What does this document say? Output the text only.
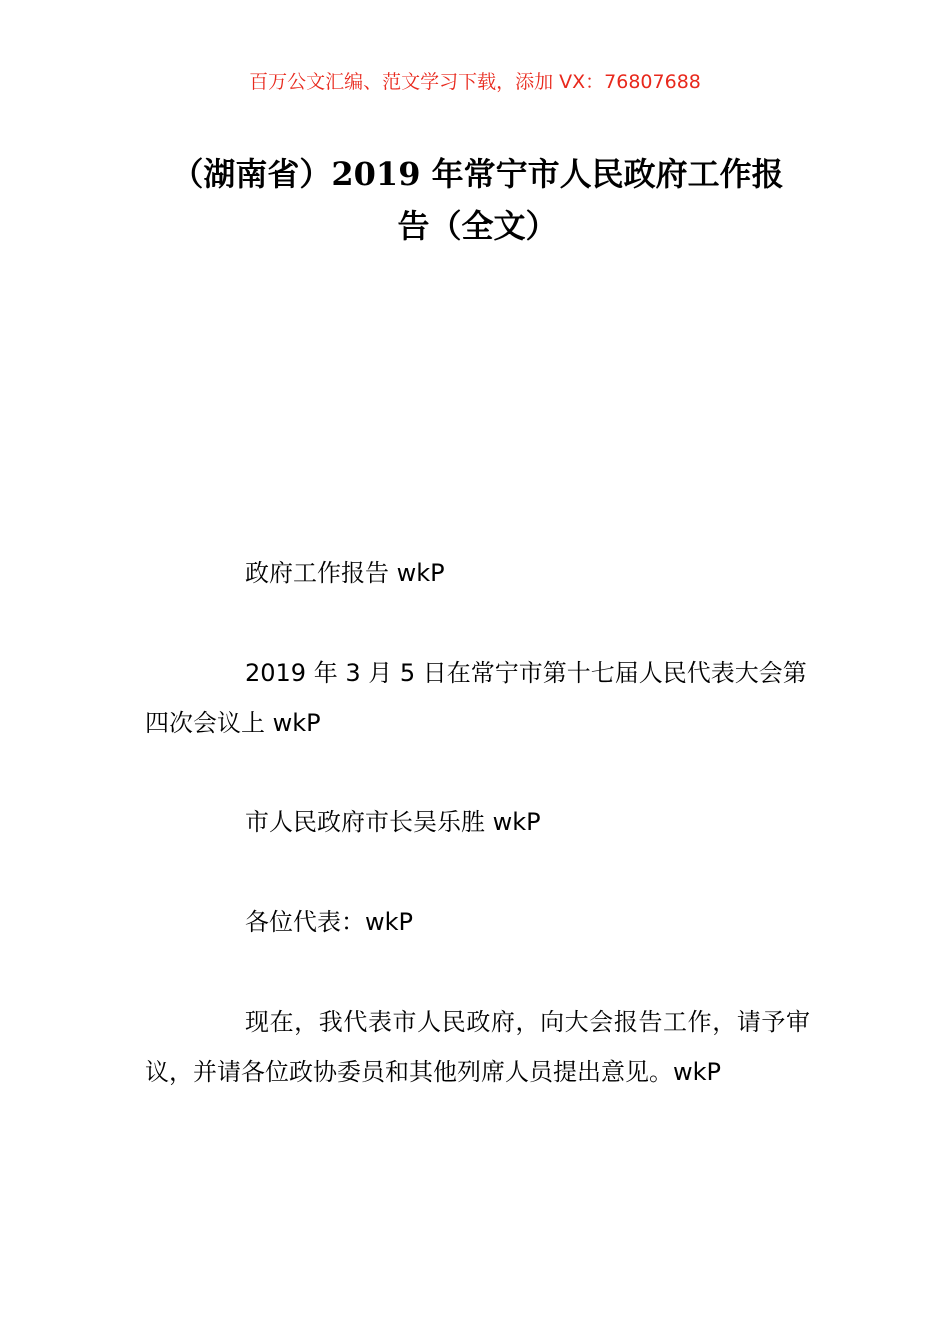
百万公文汇编、范文学习下载，添加 VX：76807688
（湖南省）2019 年常宁市人民政府工作报
告（全文）

政府工作报告 wkP

2019 年 3 月 5 日在常宁市第十七届人民代表大会第四次会议上 wkP

市人民政府市长吴乐胜 wkP

各位代表：wkP

现在，我代表市人民政府，向大会报告工作，请予审议，并请各位政协委员和其他列席人员提出意见。wkP
